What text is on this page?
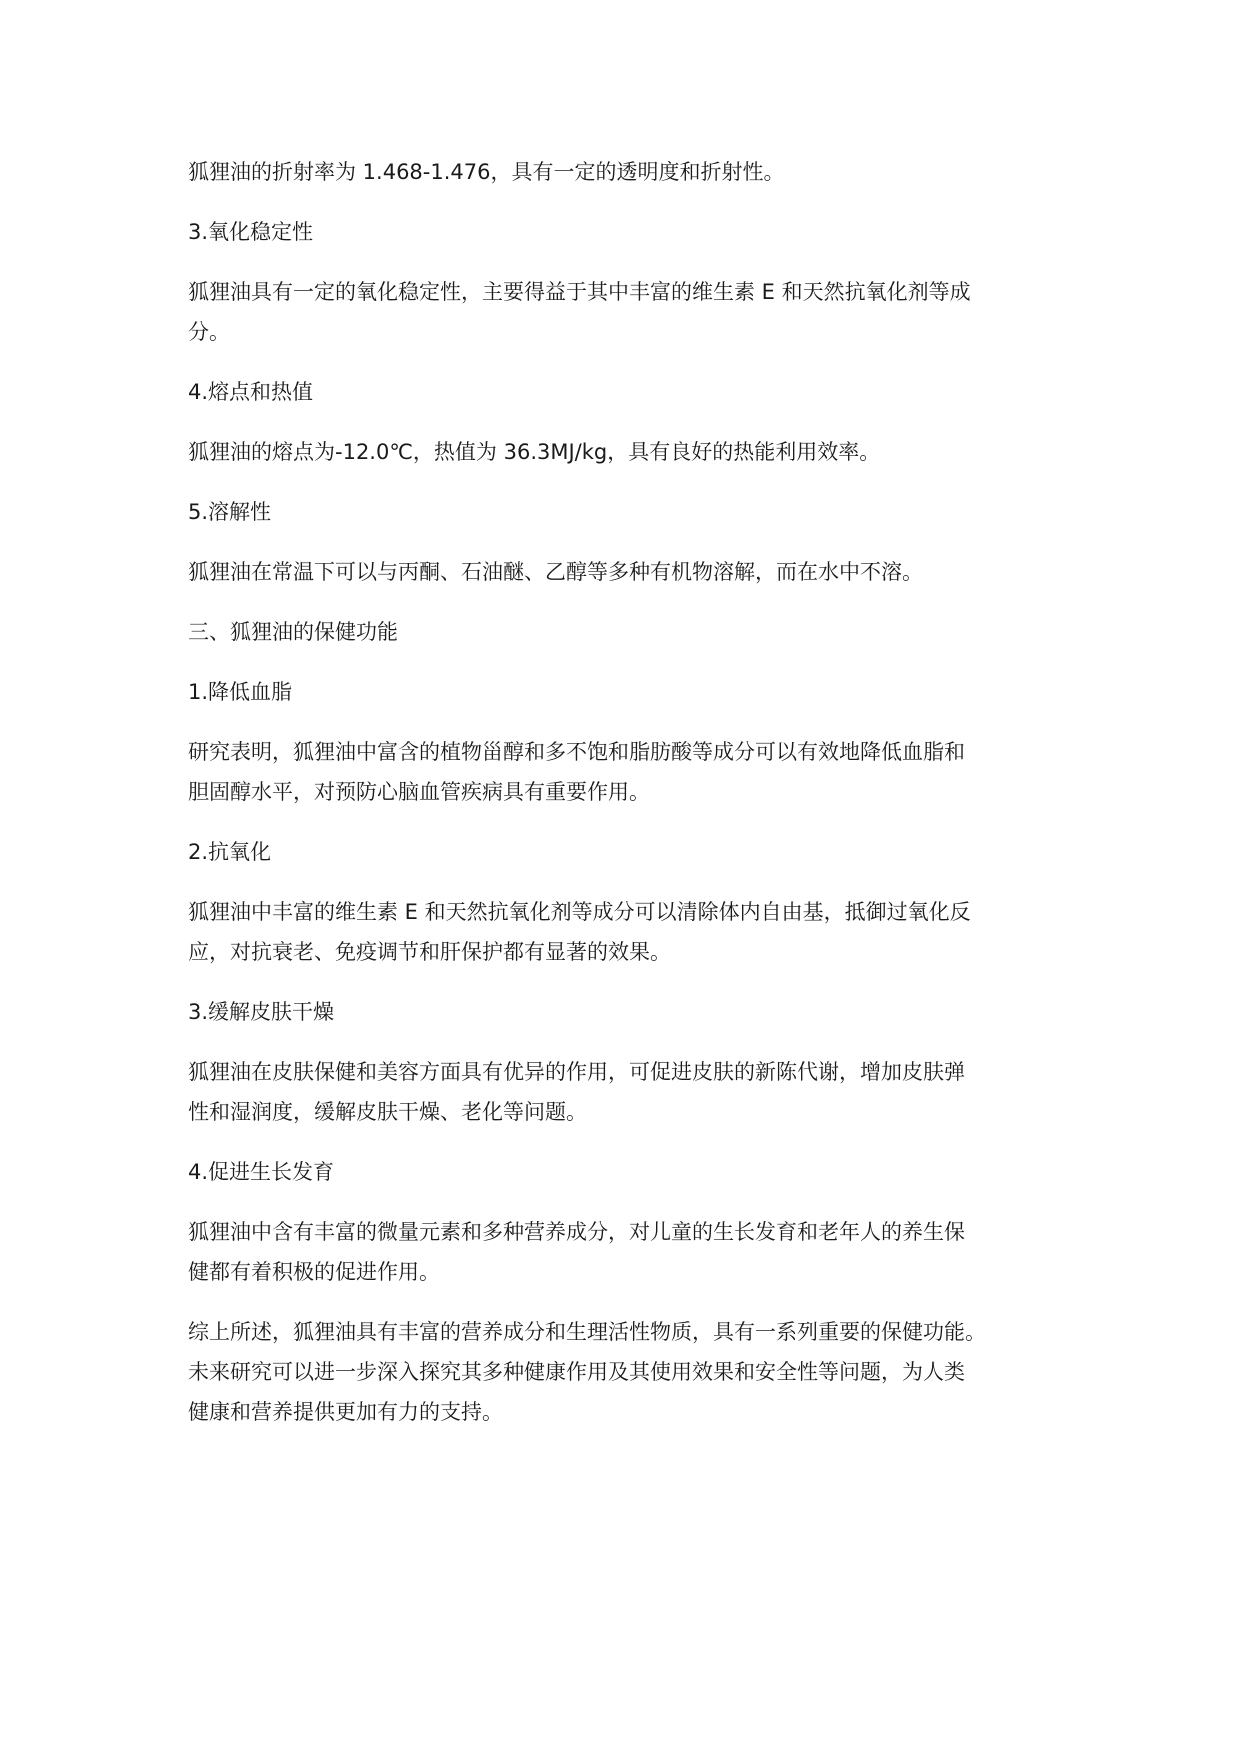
狐狸油的折射率为 1.468-1.476，具有一定的透明度和折射性。
3.氧化稳定性
狐狸油具有一定的氧化稳定性，主要得益于其中丰富的维生素 E 和天然抗氧化剂等成
分。
4.熔点和热值
狐狸油的熔点为-12.0℃，热值为 36.3MJ/kg，具有良好的热能利用效率。
5.溶解性
狐狸油在常温下可以与丙酮、石油醚、乙醇等多种有机物溶解，而在水中不溶。
三、狐狸油的保健功能
1.降低血脂
研究表明，狐狸油中富含的植物甾醇和多不饱和脂肪酸等成分可以有效地降低血脂和
胆固醇水平，对预防心脑血管疾病具有重要作用。
2.抗氧化
狐狸油中丰富的维生素 E 和天然抗氧化剂等成分可以清除体内自由基，抵御过氧化反
应，对抗衰老、免疫调节和肝保护都有显著的效果。
3.缓解皮肤干燥
狐狸油在皮肤保健和美容方面具有优异的作用，可促进皮肤的新陈代谢，增加皮肤弹
性和湿润度，缓解皮肤干燥、老化等问题。
4.促进生长发育
狐狸油中含有丰富的微量元素和多种营养成分，对儿童的生长发育和老年人的养生保
健都有着积极的促进作用。
综上所述，狐狸油具有丰富的营养成分和生理活性物质，具有一系列重要的保健功能。
未来研究可以进一步深入探究其多种健康作用及其使用效果和安全性等问题，为人类
健康和营养提供更加有力的支持。
